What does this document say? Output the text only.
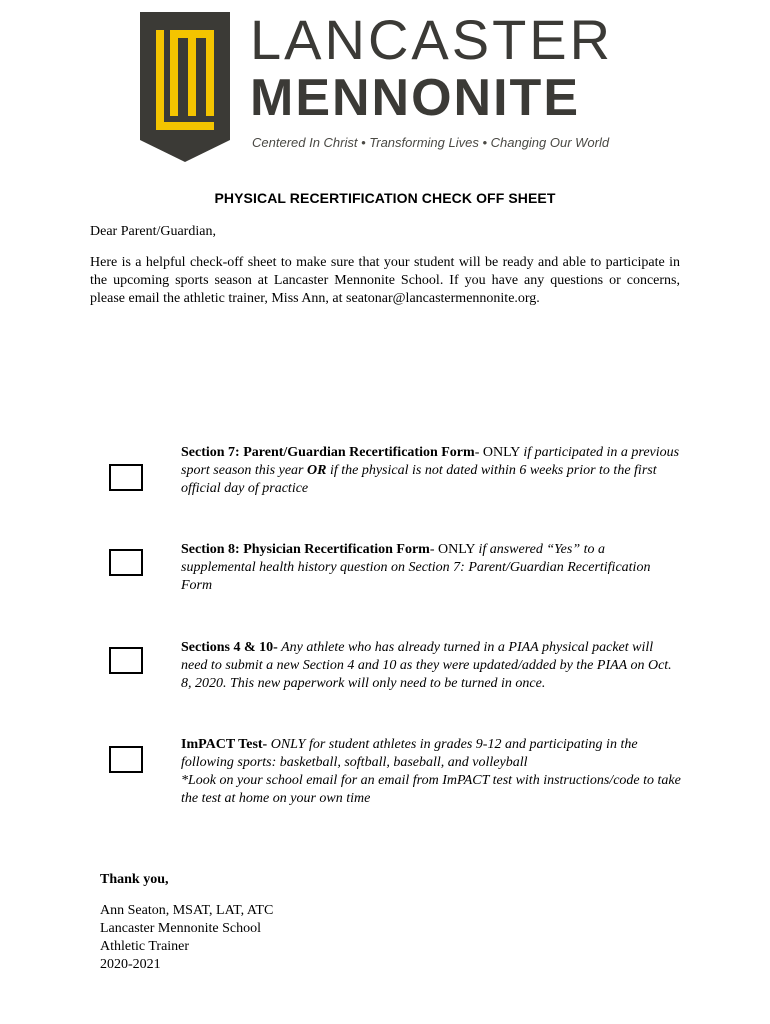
LANCASTER
MENNONITE
Centered In Christ • Transforming Lives • Changing Our World
PHYSICAL RECERTIFICATION CHECK OFF SHEET
Dear Parent/Guardian,
Here is a helpful check-off sheet to make sure that your student will be ready and able to participate in the upcoming sports season at Lancaster Mennonite School. If you have any questions or concerns, please email the athletic trainer, Miss Ann, at seatonar@lancastermennonite.org.
Section 7: Parent/Guardian Recertification Form- ONLY if participated in a previous sport season this year OR if the physical is not dated within 6 weeks prior to the first official day of practice
Section 8: Physician Recertification Form- ONLY if answered “Yes” to a supplemental health history question on Section 7: Parent/Guardian Recertification Form
Sections 4 & 10- Any athlete who has already turned in a PIAA physical packet will need to submit a new Section 4 and 10 as they were updated/added by the PIAA on Oct. 8, 2020. This new paperwork will only need to be turned in once.
ImPACT Test- ONLY for student athletes in grades 9-12 and participating in the following sports: basketball, softball, baseball, and volleyball
*Look on your school email for an email from ImPACT test with instructions/code to take the test at home on your own time
Thank you,
Ann Seaton, MSAT, LAT, ATC
Lancaster Mennonite School
Athletic Trainer
2020-2021
